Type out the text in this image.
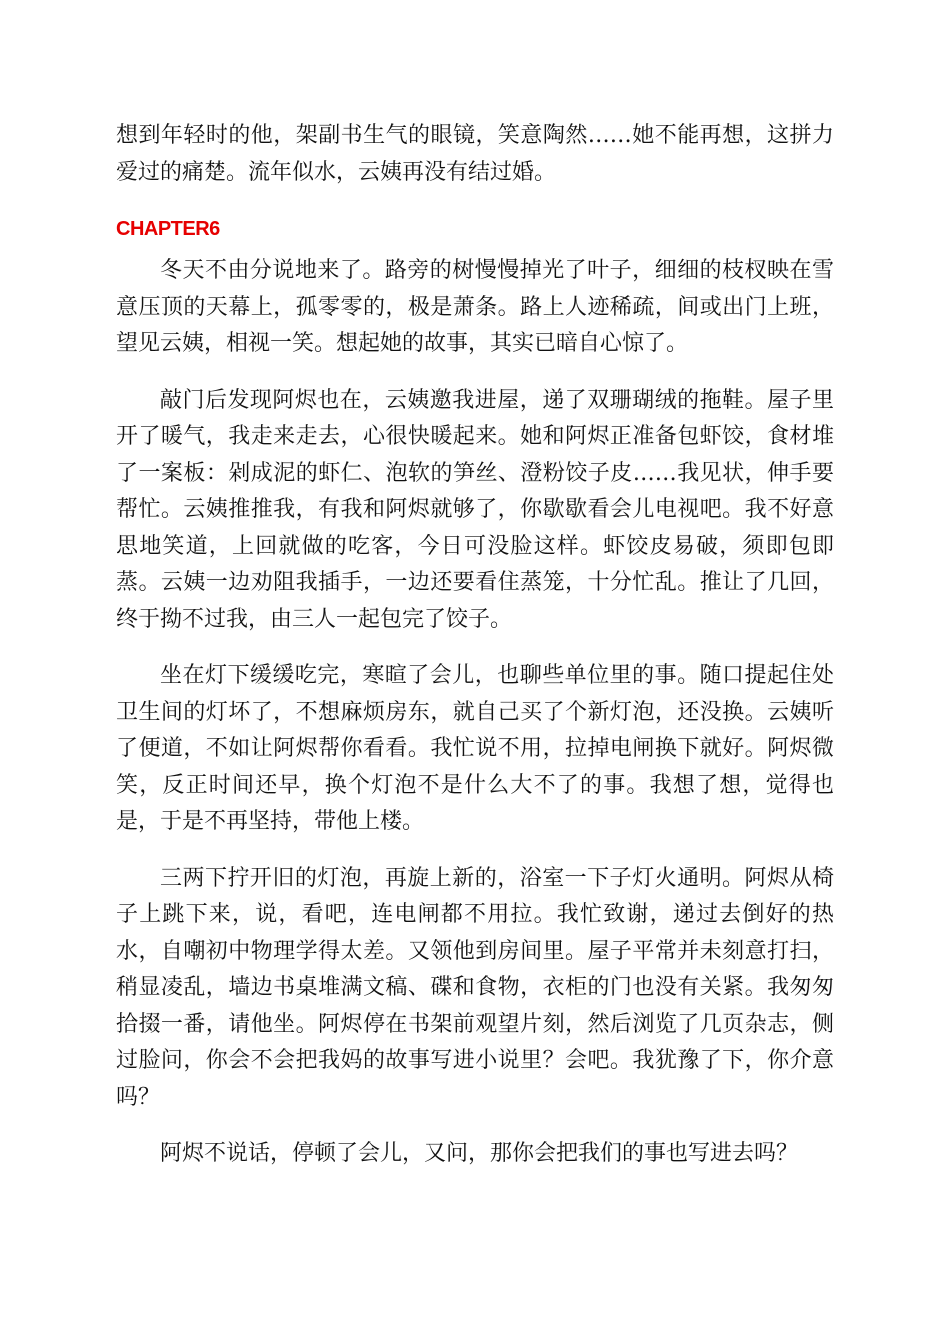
想到年轻时的他，架副书生气的眼镜，笑意陶然……她不能再想，这拼力爱过的痛楚。流年似水，云姨再没有结过婚。

CHAPTER6

冬天不由分说地来了。路旁的树慢慢掉光了叶子，细细的枝杈映在雪意压顶的天幕上，孤零零的，极是萧条。路上人迹稀疏，间或出门上班，望见云姨，相视一笑。想起她的故事，其实已暗自心惊了。

敲门后发现阿烬也在，云姨邀我进屋，递了双珊瑚绒的拖鞋。屋子里开了暖气，我走来走去，心很快暖起来。她和阿烬正准备包虾饺，食材堆了一案板：剁成泥的虾仁、泡软的笋丝、澄粉饺子皮……我见状，伸手要帮忙。云姨推推我，有我和阿烬就够了，你歇歇看会儿电视吧。我不好意思地笑道，上回就做的吃客，今日可没脸这样。虾饺皮易破，须即包即蒸。云姨一边劝阻我插手，一边还要看住蒸笼，十分忙乱。推让了几回，终于拗不过我，由三人一起包完了饺子。

坐在灯下缓缓吃完，寒暄了会儿，也聊些单位里的事。随口提起住处卫生间的灯坏了，不想麻烦房东，就自己买了个新灯泡，还没换。云姨听了便道，不如让阿烬帮你看看。我忙说不用，拉掉电闸换下就好。阿烬微笑，反正时间还早，换个灯泡不是什么大不了的事。我想了想，觉得也是，于是不再坚持，带他上楼。

三两下拧开旧的灯泡，再旋上新的，浴室一下子灯火通明。阿烬从椅子上跳下来，说，看吧，连电闸都不用拉。我忙致谢，递过去倒好的热水，自嘲初中物理学得太差。又领他到房间里。屋子平常并未刻意打扫，稍显凌乱，墙边书桌堆满文稿、碟和食物，衣柜的门也没有关紧。我匆匆拾掇一番，请他坐。阿烬停在书架前观望片刻，然后浏览了几页杂志，侧过脸问，你会不会把我妈的故事写进小说里？会吧。我犹豫了下，你介意吗？

阿烬不说话，停顿了会儿，又问，那你会把我们的事也写进去吗？
